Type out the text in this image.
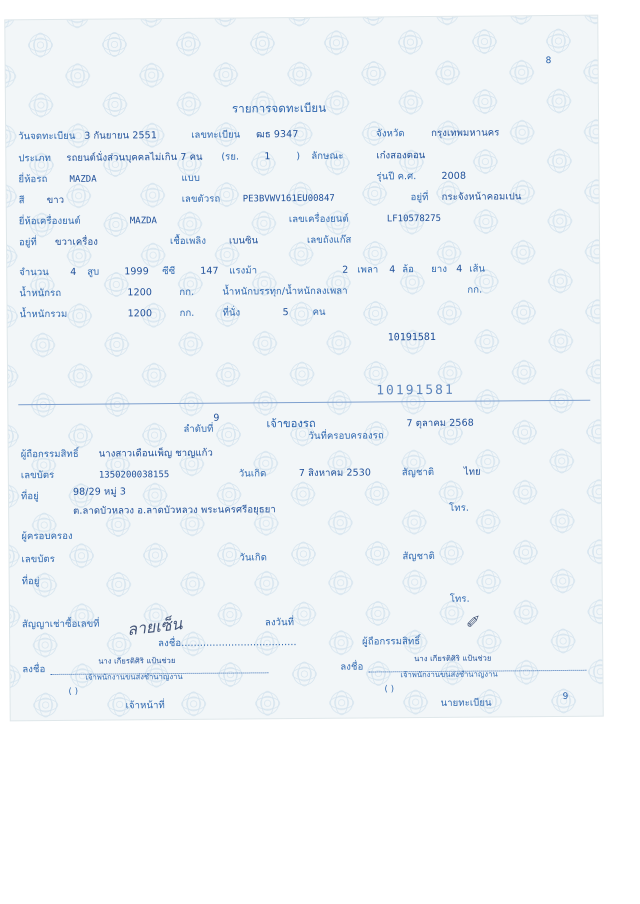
8
รายการจดทะเบียน
วันจดทะเบียน 3 กันยายน 2551	เลขทะเบียน ฒธ 9347	จังหวัด	กรุงเทพมหานคร
ประเภท รถยนต์นั่งส่วนบุคคลไม่เกิน 7 คน (รย.	1	) ลักษณะ	เก๋งสองตอน
ยี่ห้อรถ MAZDA	แบบ	รุ่นปี ค.ศ.	2008
สี ขาว	เลขตัวรถ PE3BVWV161EU00847	อยู่ที่ กระจังหน้าคอมเปน
ยี่ห้อเครื่องยนต์	MAZDA	เลขเครื่องยนต์	LF10578275
อยู่ที่ ขวาเครื่อง	เชื้อเพลิง เบนซิน	เลขถังแก๊ส
จำนวน 4 สูบ	1999 ซีซี	147 แรงม้า	2 เพลา 4 ล้อ ยาง 4 เส้น
น้ำหนักรถ	1200	กก.	น้ำหนักบรรทุก/น้ำหนักลงเพลา	กก.
น้ำหนักรวม	1200	กก.	ที่นั่ง	5	คน
10191581
10191581
เจ้าของรถ
ลำดับที่
9
วันที่ครอบครองรถ
7 ตุลาคม 2568
ผู้ถือกรรมสิทธิ์ นางสาวเดือนเพ็ญ ชาญแก้ว
เลขบัตร	1350200038155	วันเกิด	7 สิงหาคม 2530	สัญชาติ	ไทย
ที่อยู่	98/29 หมู่ 3
ต.ลาดบัวหลวง อ.ลาดบัวหลวง พระนครศรีอยุธยา	โทร.
ผู้ครอบครอง
เลขบัตร	วันเกิด	สัญชาติ
ที่อยู่
โทร.
สัญญาเช่าซื้อเลขที่	ลงวันที่
ลายเซ็น
ลงชื่อ.....................................	ผู้ถือกรรมสิทธิ์
✐
ลงชื่อ
นาง เกียรติศิริ แป้นช่วย
เจ้าพนักงานขนส่งชำนาญงาน
( )
เจ้าหน้าที่
ลงชื่อ
นาง เกียรติศิริ แป้นช่วย
เจ้าพนักงานขนส่งชำนาญงาน
( )
นายทะเบียน
9
